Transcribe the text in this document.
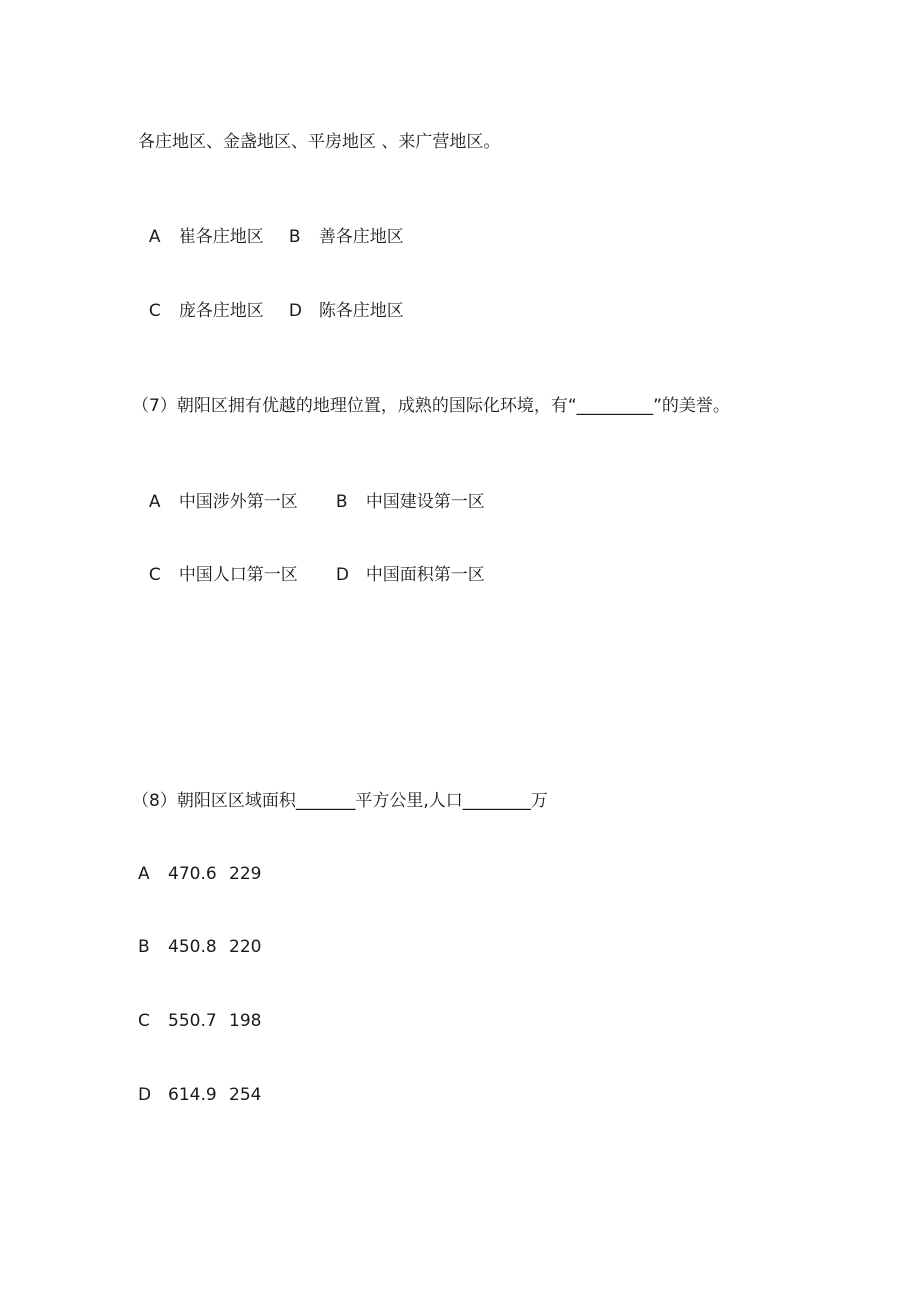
各庄地区、金盏地区、平房地区 、来广营地区。

A 崔各庄地区 B 善各庄地区

C 庞各庄地区 D 陈各庄地区

（7）朝阳区拥有优越的地理位置，成熟的国际化环境，有“_________”的美誉。

A 中国涉外第一区 B 中国建设第一区

C 中国人口第一区 D 中国面积第一区

（8）朝阳区区域面积_______平方公里,人口________万
A 470.6 229
B 450.8 220
C 550.7 198
D 614.9 254
